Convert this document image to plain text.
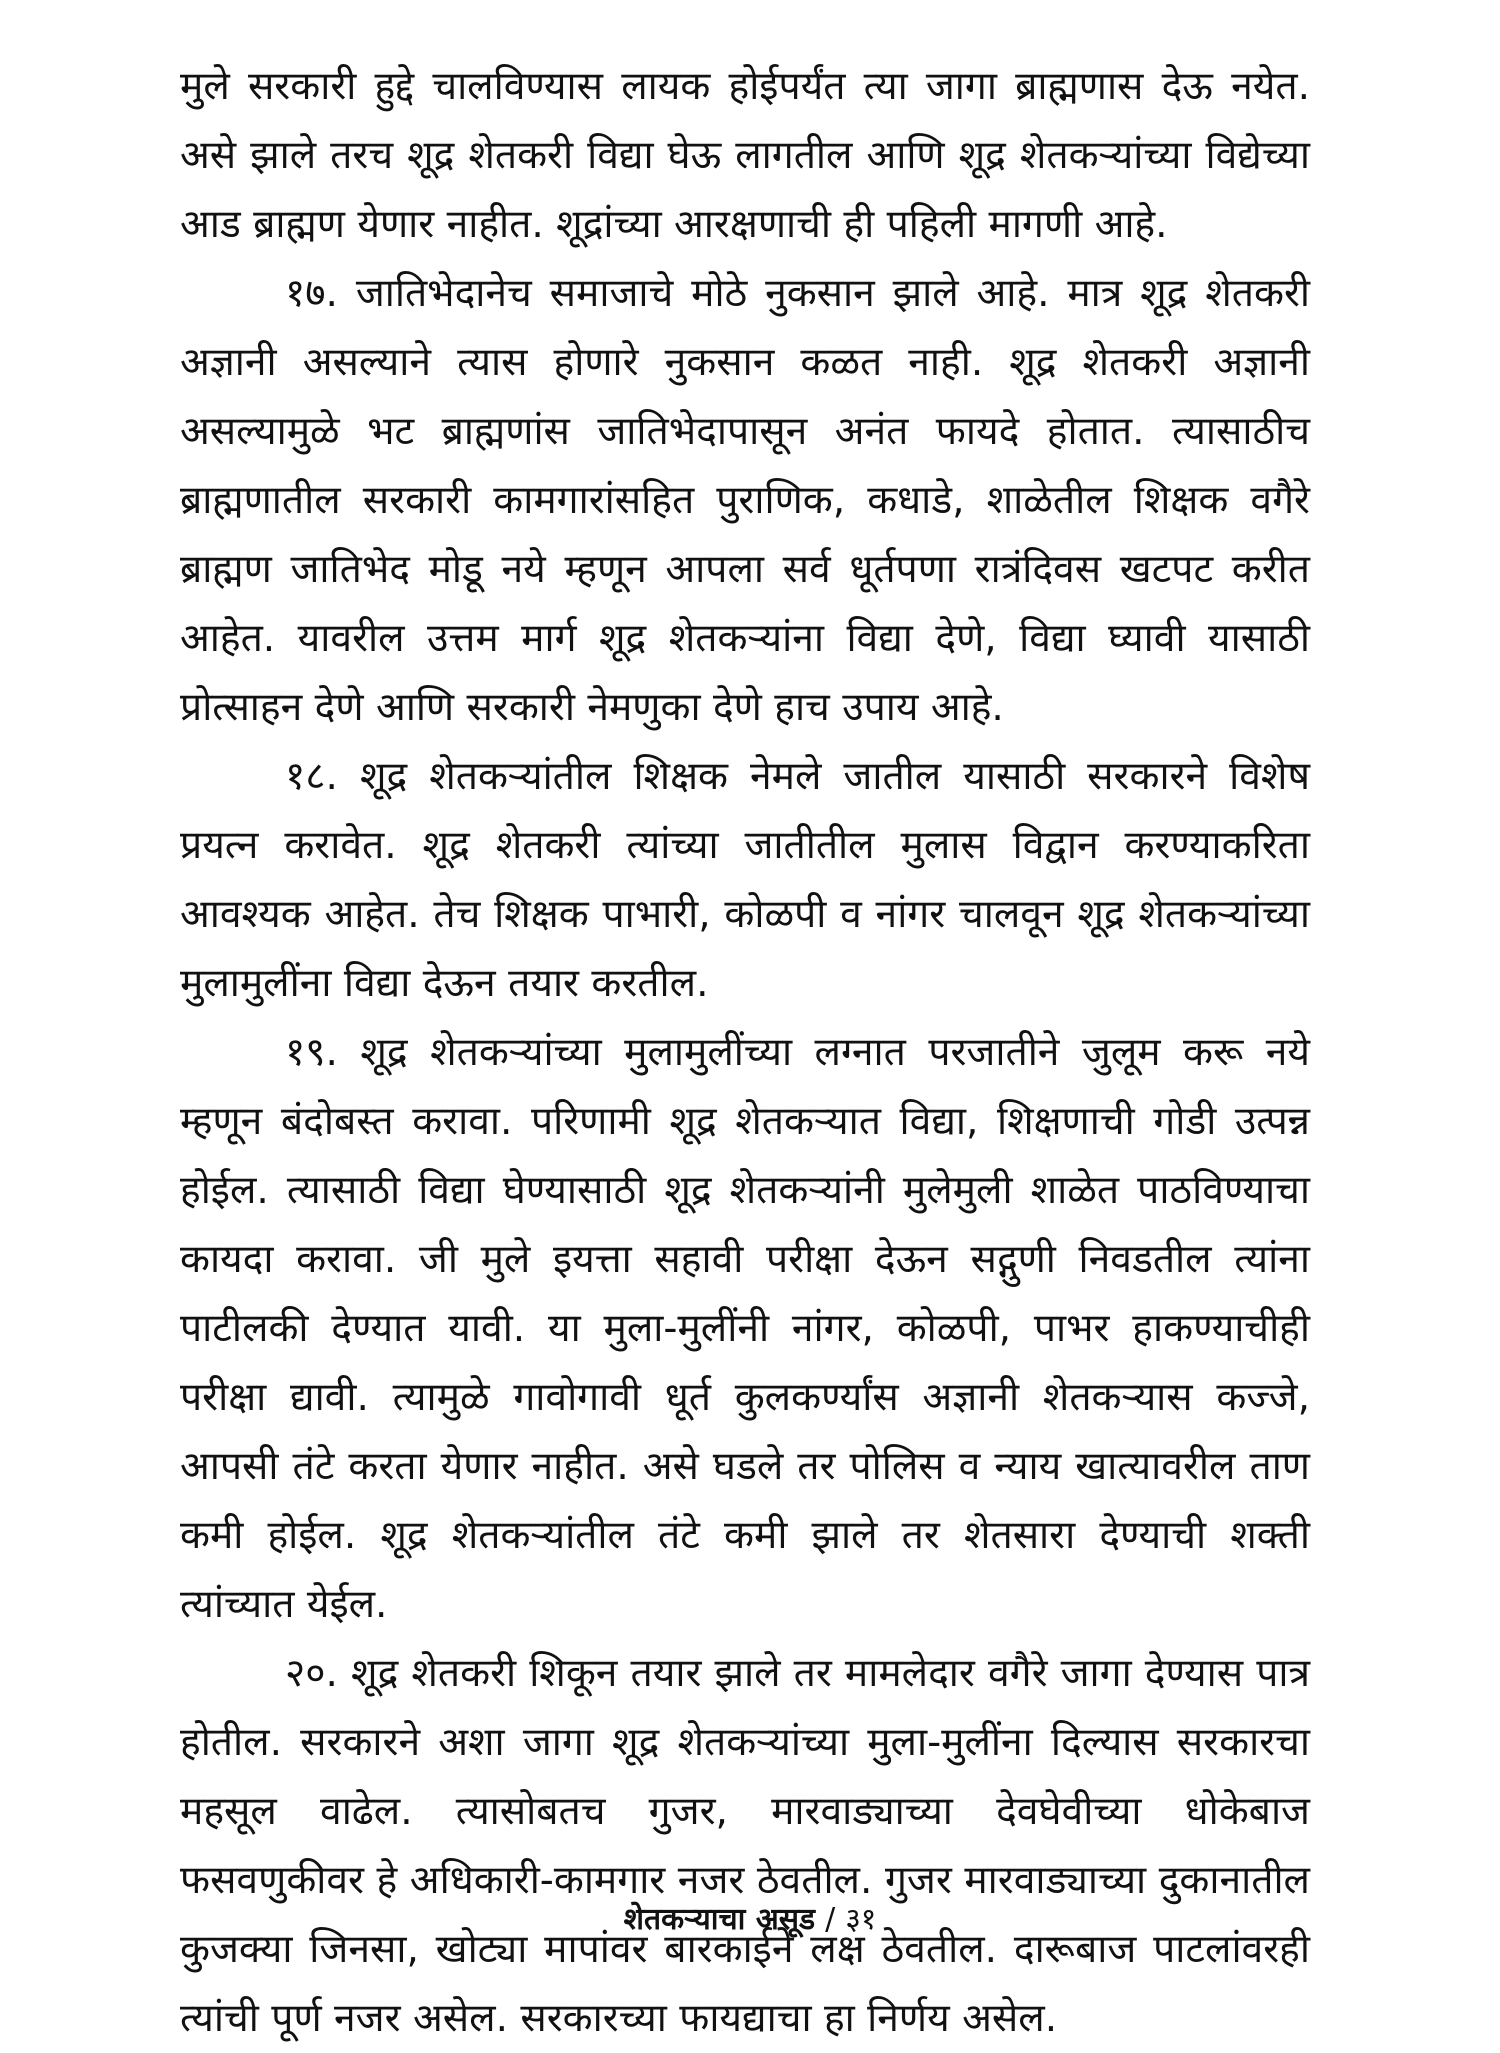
मुले सरकारी हुद्दे चालविण्यास लायक होईपर्यंत त्या जागा ब्राह्मणास देऊ नयेत. असे झाले तरच शूद्र शेतकरी विद्या घेऊ लागतील आणि शूद्र शेतकऱ्यांच्या विद्येच्या आड ब्राह्मण येणार नाहीत. शूद्रांच्या आरक्षणाची ही पहिली मागणी आहे.

१७. जातिभेदानेच समाजाचे मोठे नुकसान झाले आहे. मात्र शूद्र शेतकरी अज्ञानी असल्याने त्यास होणारे नुकसान कळत नाही. शूद्र शेतकरी अज्ञानी असल्यामुळे भट ब्राह्मणांस जातिभेदापासून अनंत फायदे होतात. त्यासाठीच ब्राह्मणातील सरकारी कामगारांसहित पुराणिक, कधाडे, शाळेतील शिक्षक वगैरे ब्राह्मण जातिभेद मोडू नये म्हणून आपला सर्व धूर्तपणा रात्रंदिवस खटपट करीत आहेत. यावरील उत्तम मार्ग शूद्र शेतकऱ्यांना विद्या देणे, विद्या घ्यावी यासाठी प्रोत्साहन देणे आणि सरकारी नेमणुका देणे हाच उपाय आहे.

१८. शूद्र शेतकऱ्यांतील शिक्षक नेमले जातील यासाठी सरकारने विशेष प्रयत्न करावेत. शूद्र शेतकरी त्यांच्या जातीतील मुलास विद्वान करण्याकरिता आवश्यक आहेत. तेच शिक्षक पाभारी, कोळपी व नांगर चालवून शूद्र शेतकऱ्यांच्या मुलामुलींना विद्या देऊन तयार करतील.

१९. शूद्र शेतकऱ्यांच्या मुलामुलींच्या लग्नात परजातीने जुलूम करू नये म्हणून बंदोबस्त करावा. परिणामी शूद्र शेतकऱ्यात विद्या, शिक्षणाची गोडी उत्पन्न होईल. त्यासाठी विद्या घेण्यासाठी शूद्र शेतकऱ्यांनी मुलेमुली शाळेत पाठविण्याचा कायदा करावा. जी मुले इयत्ता सहावी परीक्षा देऊन सद्गुणी निवडतील त्यांना पाटीलकी देण्यात यावी. या मुला-मुलींनी नांगर, कोळपी, पाभर हाकण्याचीही परीक्षा द्यावी. त्यामुळे गावोगावी धूर्त कुलकर्ण्यांस अज्ञानी शेतकऱ्यास कज्जे, आपसी तंटे करता येणार नाहीत. असे घडले तर पोलिस व न्याय खात्यावरील ताण कमी होईल. शूद्र शेतकऱ्यांतील तंटे कमी झाले तर शेतसारा देण्याची शक्ती त्यांच्यात येईल.

२०. शूद्र शेतकरी शिकून तयार झाले तर मामलेदार वगैरे जागा देण्यास पात्र होतील. सरकारने अशा जागा शूद्र शेतकऱ्यांच्या मुला-मुलींना दिल्यास सरकारचा महसूल वाढेल. त्यासोबतच गुजर, मारवाड्याच्या देवघेवीच्या धोकेबाज फसवणुकीवर हे अधिकारी-कामगार नजर ठेवतील. गुजर मारवाड्याच्या दुकानातील कुजक्या जिनसा, खोट्या मापांवर बारकाईने लक्ष ठेवतील. दारूबाज पाटलांवरही त्यांची पूर्ण नजर असेल. सरकारच्या फायद्याचा हा निर्णय असेल.

शेतकऱ्याचा असूड / ३१
